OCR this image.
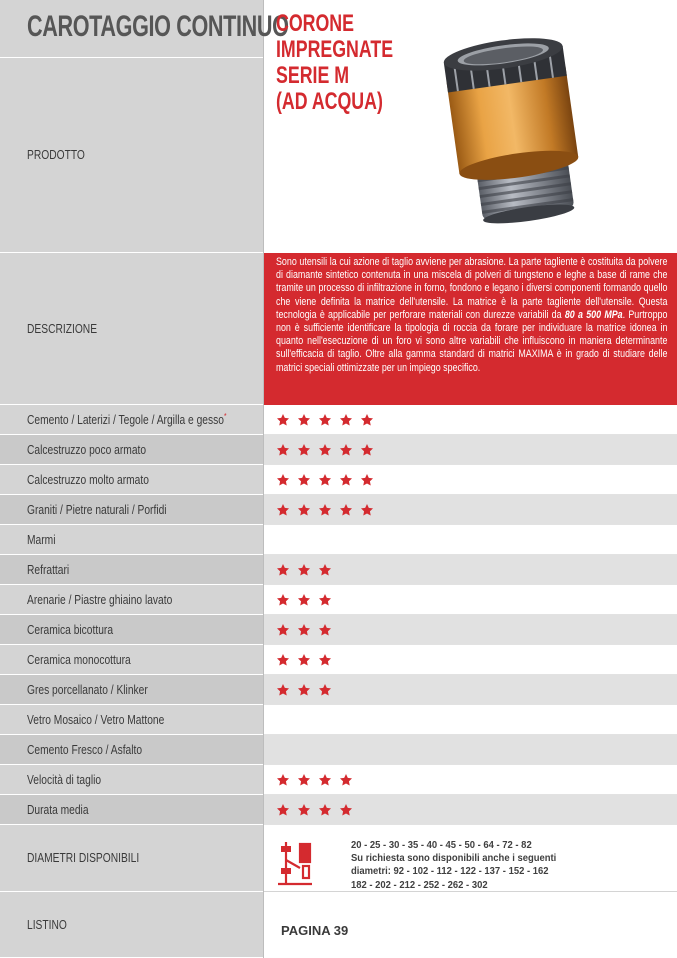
CAROTAGGIO CONTINUO
CORONE
IMPREGNATE
SERIE M
(AD ACQUA)
PRODOTTO
DESCRIZIONE
DIAMETRI DISPONIBILI
LISTINO
Sono utensili la cui azione di taglio avviene per abrasione. La parte tagliente è costituita da polvere di diamante sintetico contenuta in una miscela di polveri di tungsteno e leghe a base di rame che tramite un processo di infiltrazione in forno, fondono e legano i diversi componenti formando quello che viene definita la matrice dell'utensile. La matrice è la parte tagliente dell'utensile. Questa tecnologia è applicabile per perforare materiali con durezze variabili da 80 a 500 MPa. Purtroppo non è sufficiente identificare la tipologia di roccia da forare per individuare la matrice idonea in quanto nell'esecuzione di un foro vi sono altre variabili che influiscono in maniera determinante sull'efficacia di taglio. Oltre alla gamma standard di matrici MAXIMA è in grado di studiare delle matrici speciali ottimizzate per un impiego specifico.
20 - 25 - 30 - 35 - 40 - 45 - 50 - 64 - 72 - 82
Su richiesta sono disponibili anche i seguenti
diametri: 92 - 102 - 112 - 122 - 137 - 152 - 162
182 - 202 - 212 - 252 - 262 - 302
PAGINA 39
Cemento / Laterizi / Tegole / Argilla e gesso*
Calcestruzzo poco armato
Calcestruzzo molto armato
Graniti / Pietre naturali / Porfidi
Marmi
Refrattari
Arenarie / Piastre ghiaino lavato
Ceramica bicottura
Ceramica monocottura
Gres porcellanato / Klinker
Vetro Mosaico / Vetro Mattone
Cemento Fresco / Asfalto
Velocità di taglio
Durata media
